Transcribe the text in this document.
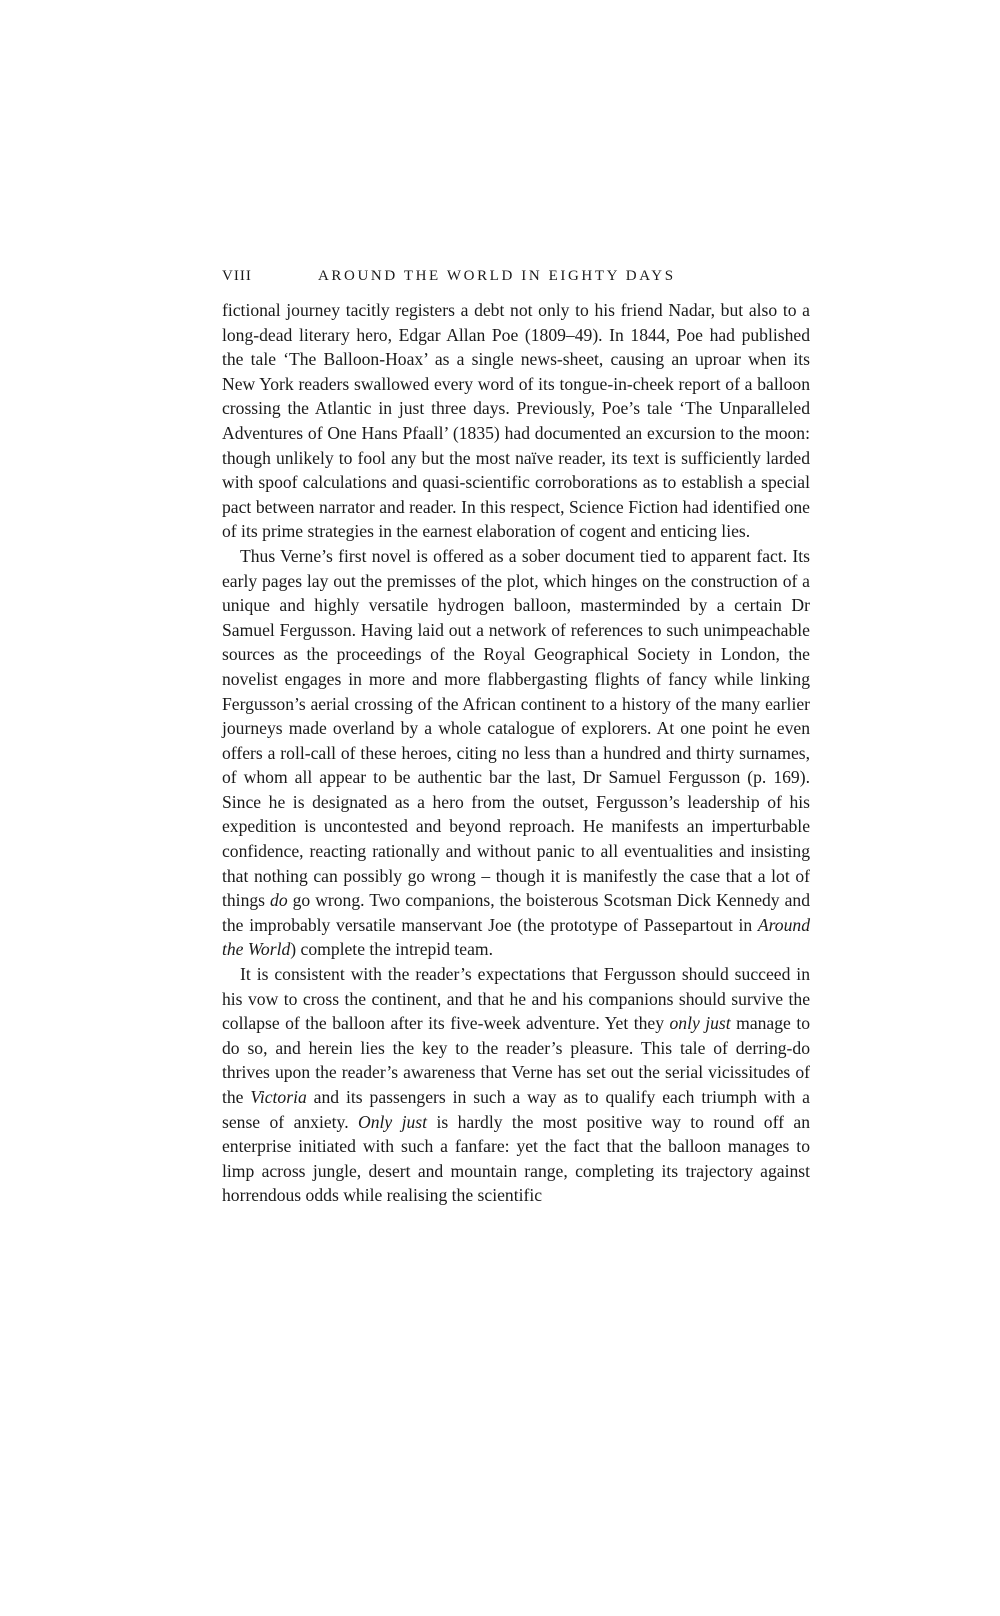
VIII	AROUND THE WORLD IN EIGHTY DAYS

fictional journey tacitly registers a debt not only to his friend Nadar, but also to a long-dead literary hero, Edgar Allan Poe (1809–49). In 1844, Poe had published the tale ‘The Balloon-Hoax’ as a single news-sheet, causing an uproar when its New York readers swallowed every word of its tongue-in-cheek report of a balloon crossing the Atlantic in just three days. Previously, Poe’s tale ‘The Unparalleled Adventures of One Hans Pfaall’ (1835) had documented an excursion to the moon: though unlikely to fool any but the most naïve reader, its text is sufficiently larded with spoof calculations and quasi-scientific corroborations as to establish a special pact between narrator and reader. In this respect, Science Fiction had identified one of its prime strategies in the earnest elaboration of cogent and enticing lies.

Thus Verne’s first novel is offered as a sober document tied to apparent fact. Its early pages lay out the premisses of the plot, which hinges on the construction of a unique and highly versatile hydrogen balloon, masterminded by a certain Dr Samuel Fergusson. Having laid out a network of references to such unimpeachable sources as the proceedings of the Royal Geographical Society in London, the novelist engages in more and more flabbergasting flights of fancy while linking Fergusson’s aerial crossing of the African continent to a history of the many earlier journeys made overland by a whole catalogue of explorers. At one point he even offers a roll-call of these heroes, citing no less than a hundred and thirty surnames, of whom all appear to be authentic bar the last, Dr Samuel Fergusson (p. 169). Since he is designated as a hero from the outset, Fergusson’s leadership of his expedition is uncontested and beyond reproach. He manifests an imperturbable confidence, reacting rationally and without panic to all eventualities and insisting that nothing can possibly go wrong – though it is manifestly the case that a lot of things do go wrong. Two companions, the boisterous Scotsman Dick Kennedy and the improbably versatile manservant Joe (the prototype of Passepartout in Around the World) complete the intrepid team.

It is consistent with the reader’s expectations that Fergusson should succeed in his vow to cross the continent, and that he and his companions should survive the collapse of the balloon after its five-week adventure. Yet they only just manage to do so, and herein lies the key to the reader’s pleasure. This tale of derring-do thrives upon the reader’s awareness that Verne has set out the serial vicissitudes of the Victoria and its passengers in such a way as to qualify each triumph with a sense of anxiety. Only just is hardly the most positive way to round off an enterprise initiated with such a fanfare: yet the fact that the balloon manages to limp across jungle, desert and mountain range, completing its trajectory against horrendous odds while realising the scientific
